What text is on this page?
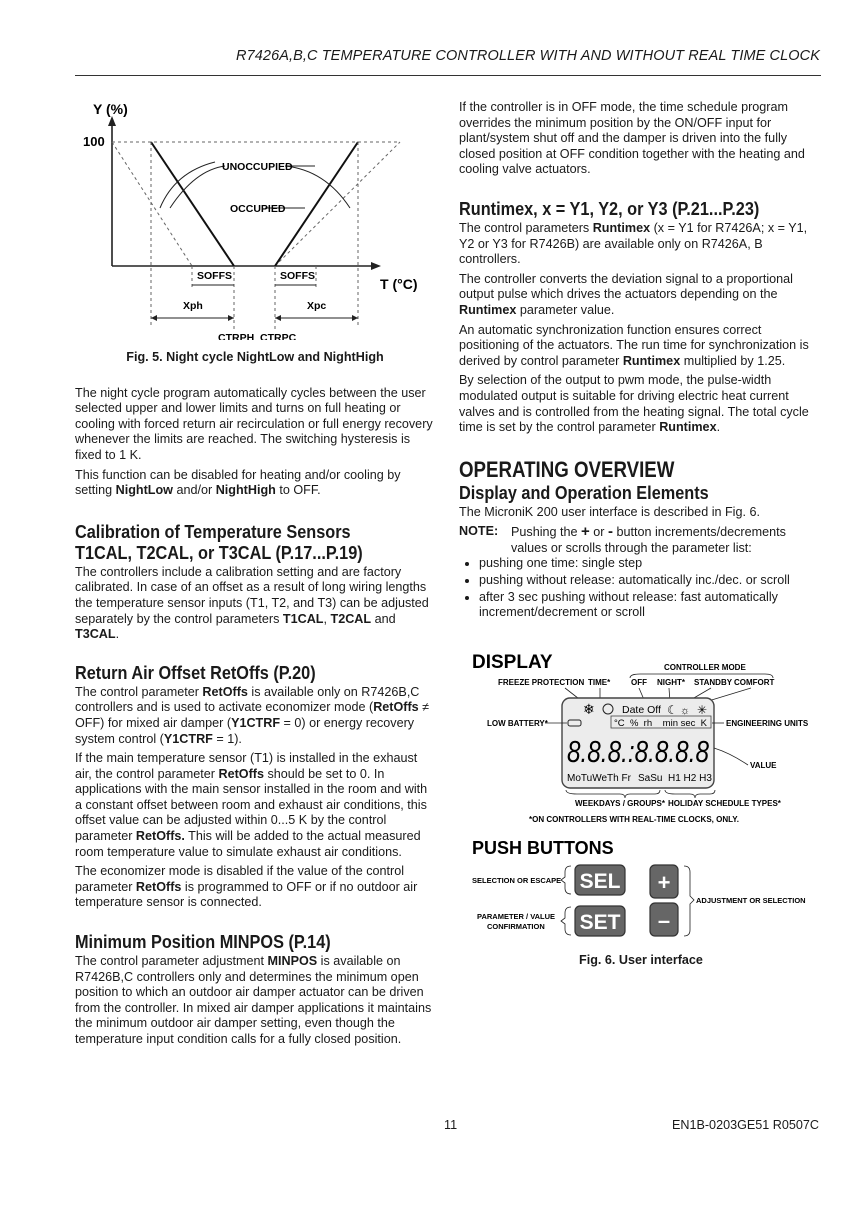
R7426A,B,C TEMPERATURE CONTROLLER WITH AND WITHOUT REAL TIME CLOCK
Y (%)
100
T (°C)
UNOCCUPIED
OCCUPIED
SOFFS	SOFFS
Xph	Xpc
CTRPH CTRPC
Fig. 5. Night cycle NightLow and NightHigh

The night cycle program automatically cycles between the user selected upper and lower limits and turns on full heating or cooling with forced return air recirculation or full energy recovery whenever the limits are reached. The switching hysteresis is fixed to 1 K.

This function can be disabled for heating and/or cooling by setting NightLow and/or NightHigh to OFF.

Calibration of Temperature Sensors
T1CAL, T2CAL, or T3CAL (P.17...P.19)

The controllers include a calibration setting and are factory calibrated. In case of an offset as a result of long wiring lengths the temperature sensor inputs (T1, T2, and T3) can be adjusted separately by the control parameters T1CAL, T2CAL and T3CAL.

Return Air Offset RetOffs (P.20)

The control parameter RetOffs is available only on R7426B,C controllers and is used to activate economizer mode (RetOffs ≠ OFF) for mixed air damper (Y1CTRF = 0) or energy recovery system control (Y1CTRF = 1).

If the main temperature sensor (T1) is installed in the exhaust air, the control parameter RetOffs should be set to 0. In applications with the main sensor installed in the room and with a constant offset between room and exhaust air conditions, this offset value can be adjusted within 0...5 K by the control parameter RetOffs. This will be added to the actual measured room temperature value to simulate exhaust air conditions.

The economizer mode is disabled if the value of the control parameter RetOffs is programmed to OFF or if no outdoor air temperature sensor is connected.

Minimum Position MINPOS (P.14)

The control parameter adjustment MINPOS is available on R7426B,C controllers only and determines the minimum open position to which an outdoor air damper actuator can be driven from the controller. In mixed air damper applications it maintains the minimum outdoor air damper setting, even though the temperature input condition calls for a fully closed position.

If the controller is in OFF mode, the time schedule program overrides the minimum position by the ON/OFF input for plant/system shut off and the damper is driven into the fully closed position at OFF condition together with the heating and cooling valve actuators.

Runtimex, x = Y1, Y2, or Y3 (P.21...P.23)

The control parameters Runtimex (x = Y1 for R7426A; x = Y1, Y2 or Y3 for R7426B) are available only on R7426A, B controllers.

The controller converts the deviation signal to a proportional output pulse which drives the actuators depending on the Runtimex parameter value.

An automatic synchronization function ensures correct positioning of the actuators. The run time for synchronization is derived by control parameter Runtimex multiplied by 1.25.

By selection of the output to pwm mode, the pulse-width modulated output is suitable for driving electric heat current valves and is controlled from the heating signal. The total cycle time is set by the control parameter Runtimex.

OPERATING OVERVIEW
Display and Operation Elements

The MicroniK 200 user interface is described in Fig. 6.

NOTE:	Pushing the + or - button increments/decrements values or scrolls through the parameter list:
• pushing one time: single step
• pushing without release: automatically inc./dec. or scroll
• after 3 sec pushing without release: fast automatically increment/decrement or scroll
DISPLAY	CONTROLLER MODE
FREEZE PROTECTION TIME*	OFF NIGHT* STANDBY COMFORT
❄	Date Off ☾ ☼ ✳
°C  %  rh    min sec  K
8.8.8.:8.8.8.8
MoTuWeTh Fr SaSu H1 H2 H3
LOW BATTERY*	ENGINEERING UNITS
VALUE
WEEKDAYS / GROUPS* HOLIDAY SCHEDULE TYPES*
*ON CONTROLLERS WITH REAL-TIME CLOCKS, ONLY.
PUSH BUTTONS
SELECTION OR ESCAPE SEL
PARAMETER / VALUE
CONFIRMATION SET
+
–
ADJUSTMENT OR SELECTION
Fig. 6. User interface
11	EN1B-0203GE51 R0507C
